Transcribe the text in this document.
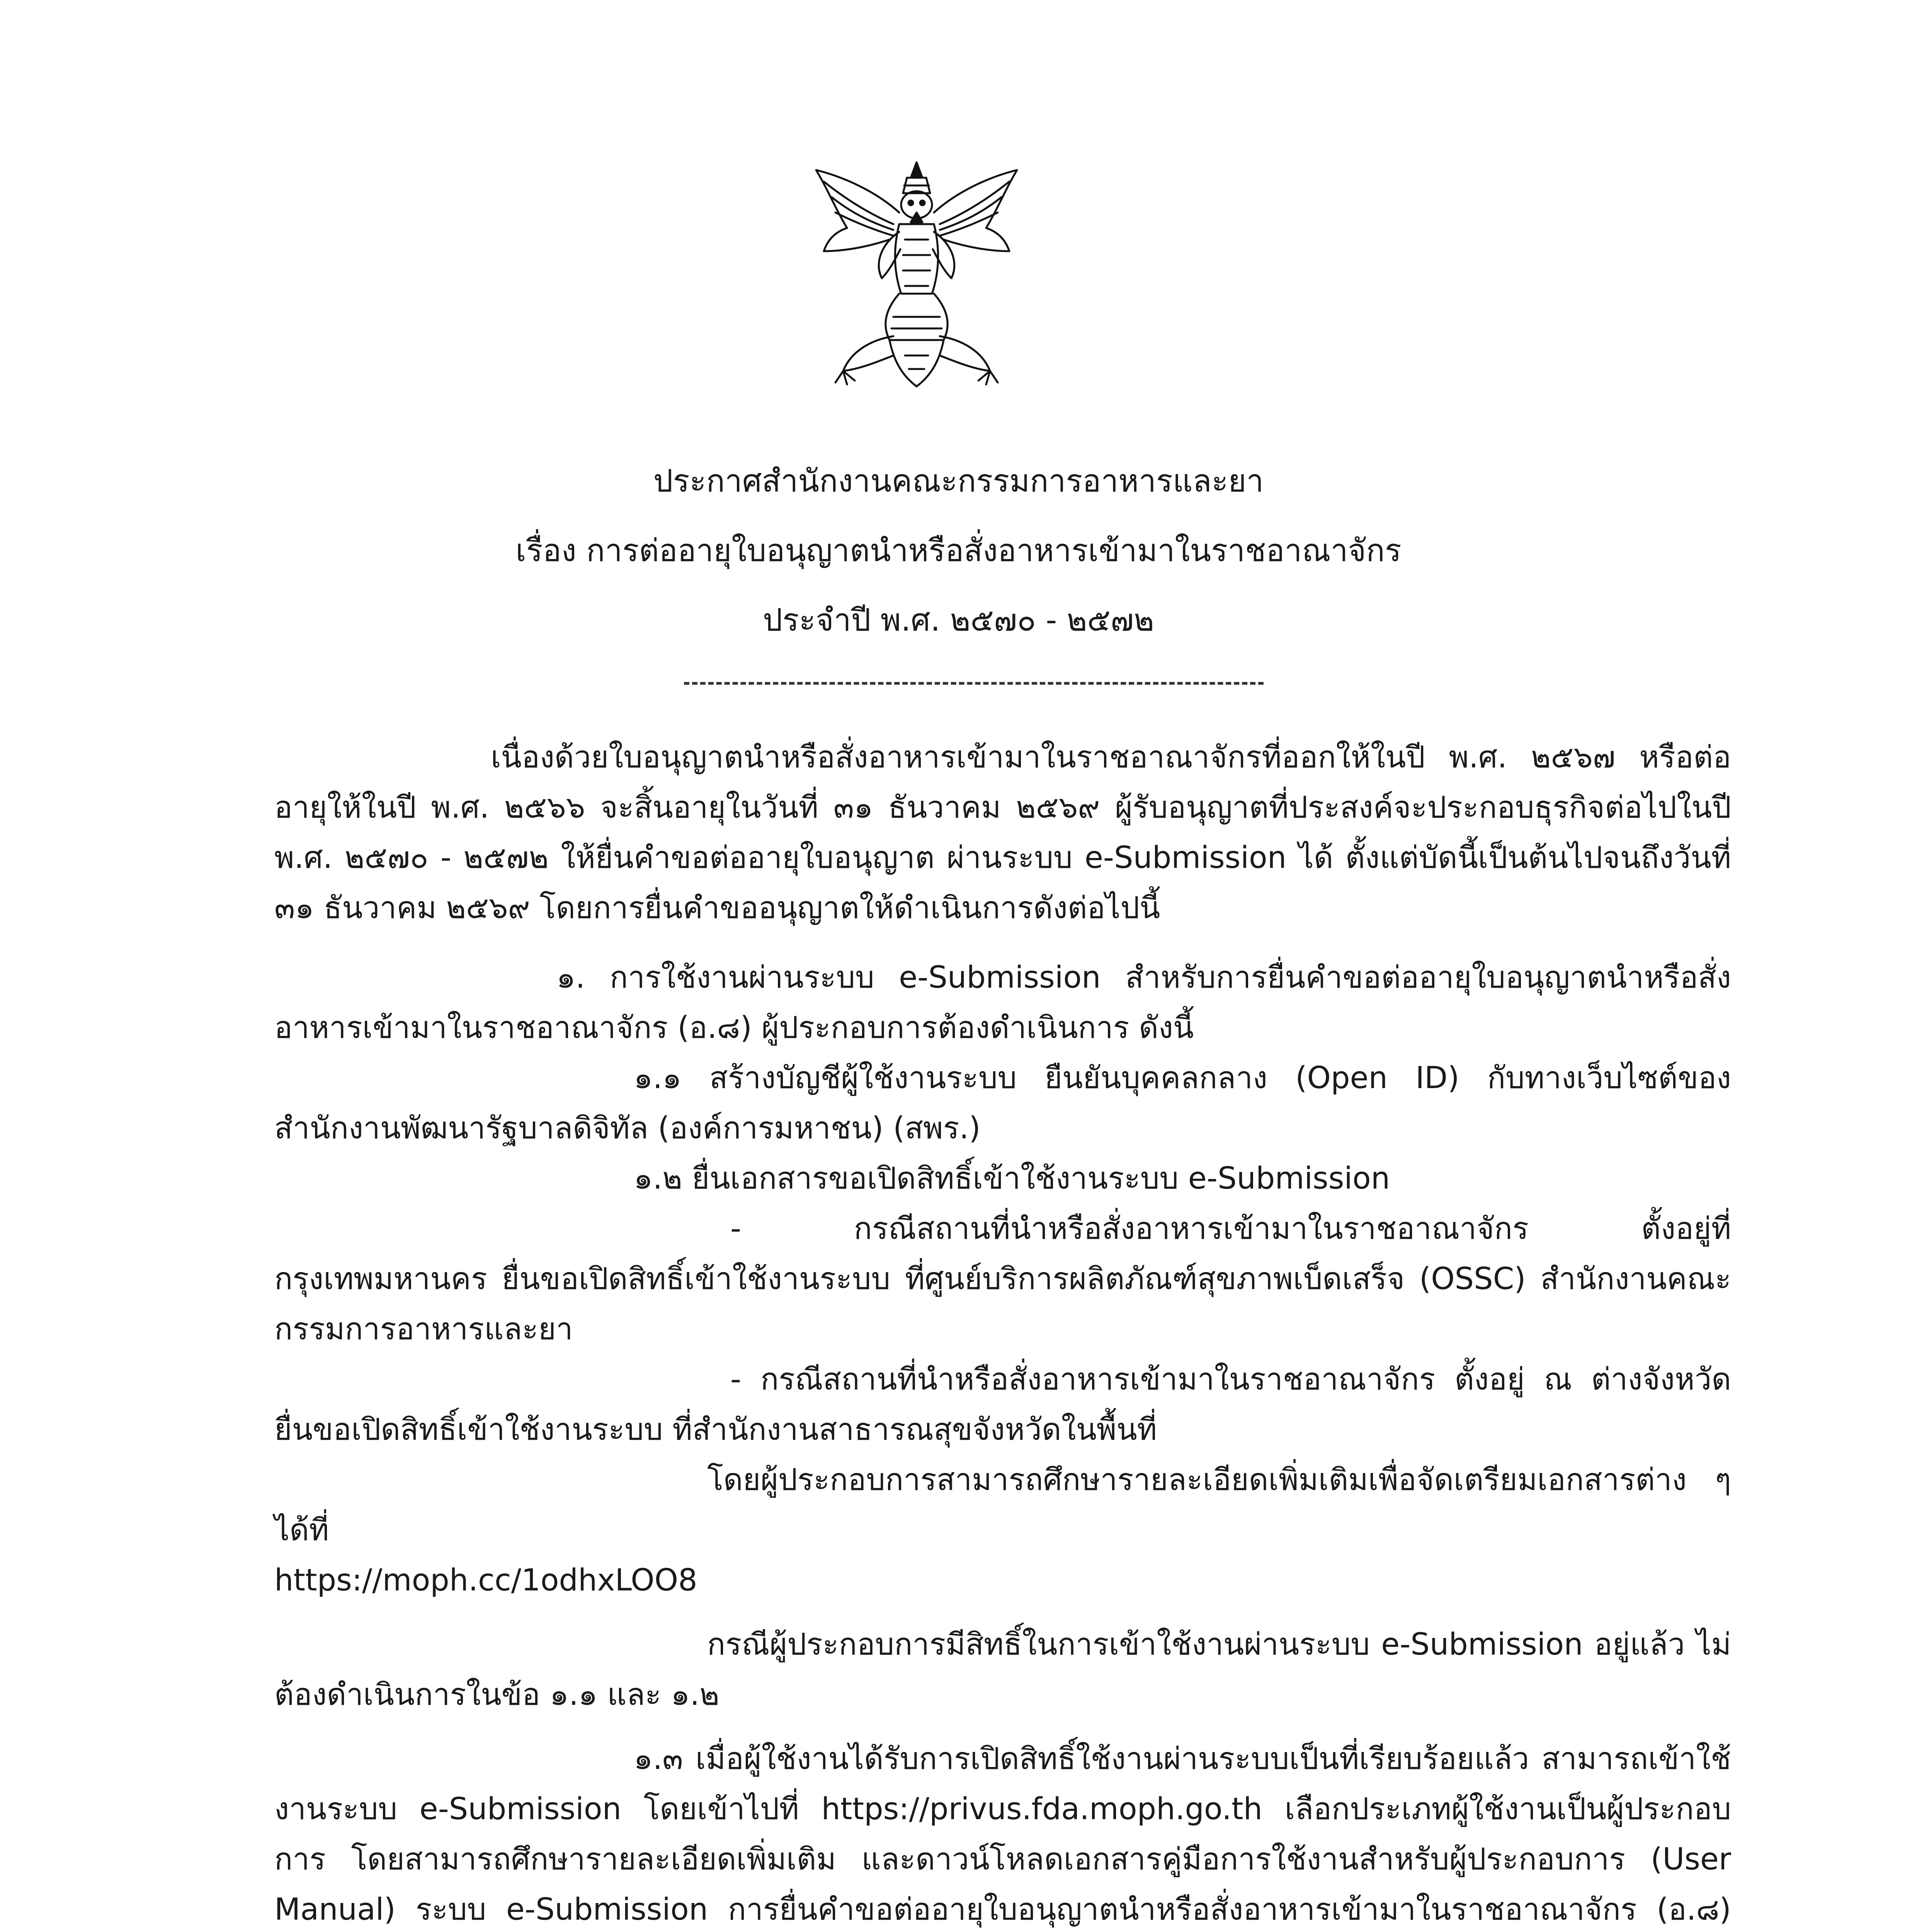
ประกาศสำนักงานคณะกรรมการอาหารและยา
เรื่อง การต่ออายุใบอนุญาตนำหรือสั่งอาหารเข้ามาในราชอาณาจักร
ประจำปี พ.ศ. ๒๕๗๐ - ๒๕๗๒

เนื่องด้วยใบอนุญาตนำหรือสั่งอาหารเข้ามาในราชอาณาจักรที่ออกให้ในปี พ.ศ. ๒๕๖๗ หรือต่ออายุให้ในปี พ.ศ. ๒๕๖๖ จะสิ้นอายุในวันที่ ๓๑ ธันวาคม ๒๕๖๙ ผู้รับอนุญาตที่ประสงค์จะประกอบธุรกิจต่อไปในปี พ.ศ. ๒๕๗๐ - ๒๕๗๒ ให้ยื่นคำขอต่ออายุใบอนุญาต ผ่านระบบ e-Submission ได้ ตั้งแต่บัดนี้เป็นต้นไปจนถึงวันที่ ๓๑ ธันวาคม ๒๕๖๙ โดยการยื่นคำขออนุญาตให้ดำเนินการดังต่อไปนี้

๑. การใช้งานผ่านระบบ e-Submission สำหรับการยื่นคำขอต่ออายุใบอนุญาตนำหรือสั่งอาหารเข้ามาในราชอาณาจักร (อ.๘) ผู้ประกอบการต้องดำเนินการ ดังนี้

๑.๑ สร้างบัญชีผู้ใช้งานระบบ ยืนยันบุคคลกลาง (Open ID) กับทางเว็บไซต์ของสำนักงานพัฒนารัฐบาลดิจิทัล (องค์การมหาชน) (สพร.)

๑.๒ ยื่นเอกสารขอเปิดสิทธิ์เข้าใช้งานระบบ e-Submission

- กรณีสถานที่นำหรือสั่งอาหารเข้ามาในราชอาณาจักร ตั้งอยู่ที่กรุงเทพมหานคร ยื่นขอเปิดสิทธิ์เข้าใช้งานระบบ ที่ศูนย์บริการผลิตภัณฑ์สุขภาพเบ็ดเสร็จ (OSSC) สำนักงานคณะกรรมการอาหารและยา

- กรณีสถานที่นำหรือสั่งอาหารเข้ามาในราชอาณาจักร ตั้งอยู่ ณ ต่างจังหวัด ยื่นขอเปิดสิทธิ์เข้าใช้งานระบบ ที่สำนักงานสาธารณสุขจังหวัดในพื้นที่

โดยผู้ประกอบการสามารถศึกษารายละเอียดเพิ่มเติมเพื่อจัดเตรียมเอกสารต่าง ๆ ได้ที่

https://moph.cc/1odhxLOO8

กรณีผู้ประกอบการมีสิทธิ์ในการเข้าใช้งานผ่านระบบ e-Submission อยู่แล้ว ไม่ต้องดำเนินการในข้อ ๑.๑ และ ๑.๒

๑.๓ เมื่อผู้ใช้งานได้รับการเปิดสิทธิ์ใช้งานผ่านระบบเป็นที่เรียบร้อยแล้ว สามารถเข้าใช้งานระบบ e-Submission โดยเข้าไปที่ https://privus.fda.moph.go.th เลือกประเภทผู้ใช้งานเป็นผู้ประกอบการ โดยสามารถศึกษารายละเอียดเพิ่มเติม และดาวน์โหลดเอกสารคู่มือการใช้งานสำหรับผู้ประกอบการ (User Manual) ระบบ e-Submission การยื่นคำขอต่ออายุใบอนุญาตนำหรือสั่งอาหารเข้ามาในราชอาณาจักร (อ.๘)
